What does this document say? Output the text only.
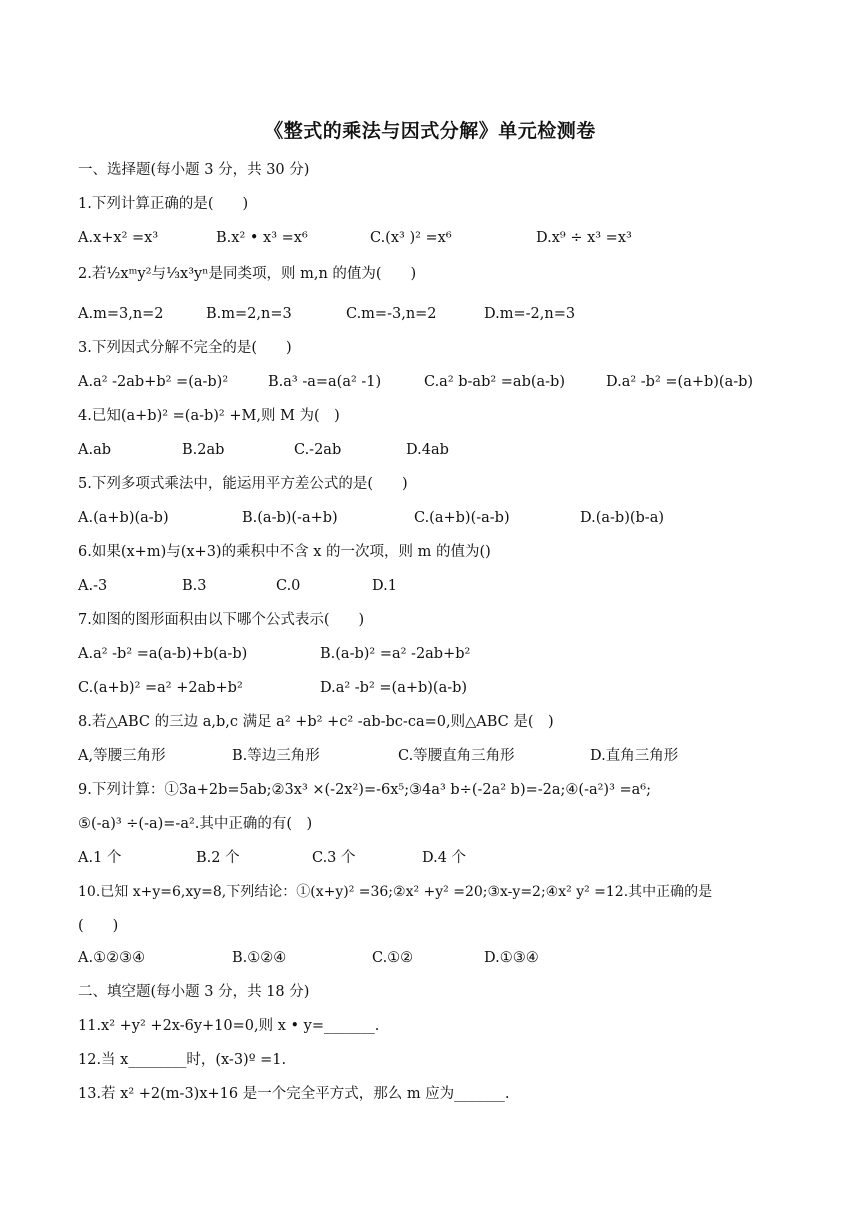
《整式的乘法与因式分解》单元检测卷
一、选择题(每小题 3 分，共 30 分)
1.下列计算正确的是(　　)
A.x+x² =x³	B.x² • x³ =x⁶	C.(x³ )² =x⁶	D.x⁹ ÷ x³ =x³
2.若½xᵐy²与⅓x³yⁿ是同类项，则 m,n 的值为(　　)
A.m=3,n=2	B.m=2,n=3	C.m=-3,n=2	D.m=-2,n=3
3.下列因式分解不完全的是(　　)
A.a² -2ab+b² =(a-b)²	B.a³ -a=a(a² -1)	C.a² b-ab² =ab(a-b)	D.a² -b² =(a+b)(a-b)
4.已知(a+b)² =(a-b)² +M,则 M 为(　)
A.ab	B.2ab	C.-2ab	D.4ab
5.下列多项式乘法中，能运用平方差公式的是(　　)
A.(a+b)(a-b)	B.(a-b)(-a+b)	C.(a+b)(-a-b)	D.(a-b)(b-a)
6.如果(x+m)与(x+3)的乘积中不含 x 的一次项，则 m 的值为()
A.-3	B.3	C.0	D.1
7.如图的图形面积由以下哪个公式表示(　　)
A.a² -b² =a(a-b)+b(a-b)	B.(a-b)² =a² -2ab+b²
C.(a+b)² =a² +2ab+b²	D.a² -b² =(a+b)(a-b)
8.若△ABC 的三边 a,b,c 满足 a² +b² +c² -ab-bc-ca=0,则△ABC 是(　)
A,等腰三角形	B.等边三角形	C.等腰直角三角形	D.直角三角形
9.下列计算：①3a+2b=5ab;②3x³ ×(-2x²)=-6x⁵;③4a³ b÷(-2a² b)=-2a;④(-a²)³ =a⁶;
⑤(-a)³ ÷(-a)=-a².其中正确的有(　)
A.1 个	B.2 个	C.3 个	D.4 个
10.已知 x+y=6,xy=8,下列结论：①(x+y)² =36;②x² +y² =20;③x-y=2;④x² y² =12.其中正确的是
(　　)
A.①②③④	B.①②④	C.①②	D.①③④
二、填空题(每小题 3 分，共 18 分)
11.x² +y² +2x-6y+10=0,则 x • y=_______.
12.当 x________时，(x-3)º =1.
13.若 x² +2(m-3)x+16 是一个完全平方式，那么 m 应为_______.
